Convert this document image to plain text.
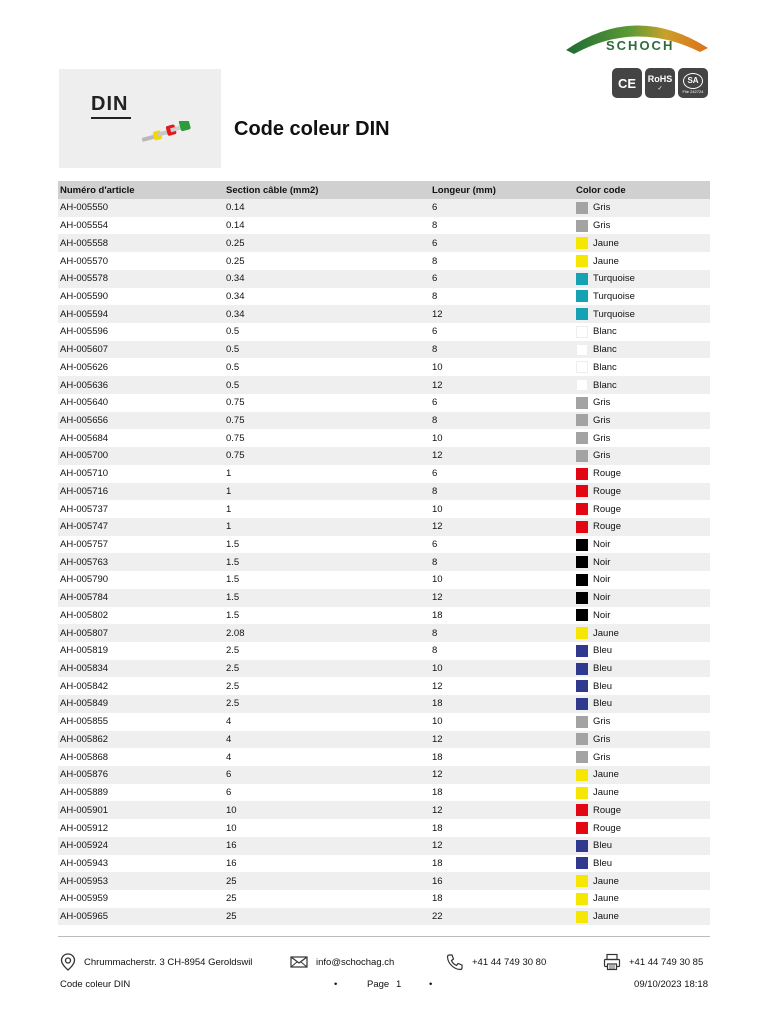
SCHOCH
CE RoHS
✓
SA
File 242724
DIN
Code coleur DIN
Numéro d'article	Section câble (mm2)	Longeur (mm)	Color code
AH-005550	0.14	6	Gris
AH-005554	0.14	8	Gris
AH-005558	0.25	6	Jaune
AH-005570	0.25	8	Jaune
AH-005578	0.34	6	Turquoise
AH-005590	0.34	8	Turquoise
AH-005594	0.34	12	Turquoise
AH-005596	0.5	6	Blanc
AH-005607	0.5	8	Blanc
AH-005626	0.5	10	Blanc
AH-005636	0.5	12	Blanc
AH-005640	0.75	6	Gris
AH-005656	0.75	8	Gris
AH-005684	0.75	10	Gris
AH-005700	0.75	12	Gris
AH-005710	1	6	Rouge
AH-005716	1	8	Rouge
AH-005737	1	10	Rouge
AH-005747	1	12	Rouge
AH-005757	1.5	6	Noir
AH-005763	1.5	8	Noir
AH-005790	1.5	10	Noir
AH-005784	1.5	12	Noir
AH-005802	1.5	18	Noir
AH-005807	2.08	8	Jaune
AH-005819	2.5	8	Bleu
AH-005834	2.5	10	Bleu
AH-005842	2.5	12	Bleu
AH-005849	2.5	18	Bleu
AH-005855	4	10	Gris
AH-005862	4	12	Gris
AH-005868	4	18	Gris
AH-005876	6	12	Jaune
AH-005889	6	18	Jaune
AH-005901	10	12	Rouge
AH-005912	10	18	Rouge
AH-005924	16	12	Bleu
AH-005943	16	18	Bleu
AH-005953	25	16	Jaune
AH-005959	25	18	Jaune
AH-005965	25	22	Jaune
Chrummacherstr. 3 CH-8954 Geroldswil	info@schochag.ch	+41 44 749 30 80	+41 44 749 30 85
Code coleur DIN	•	Page 1	•	09/10/2023 18:18
